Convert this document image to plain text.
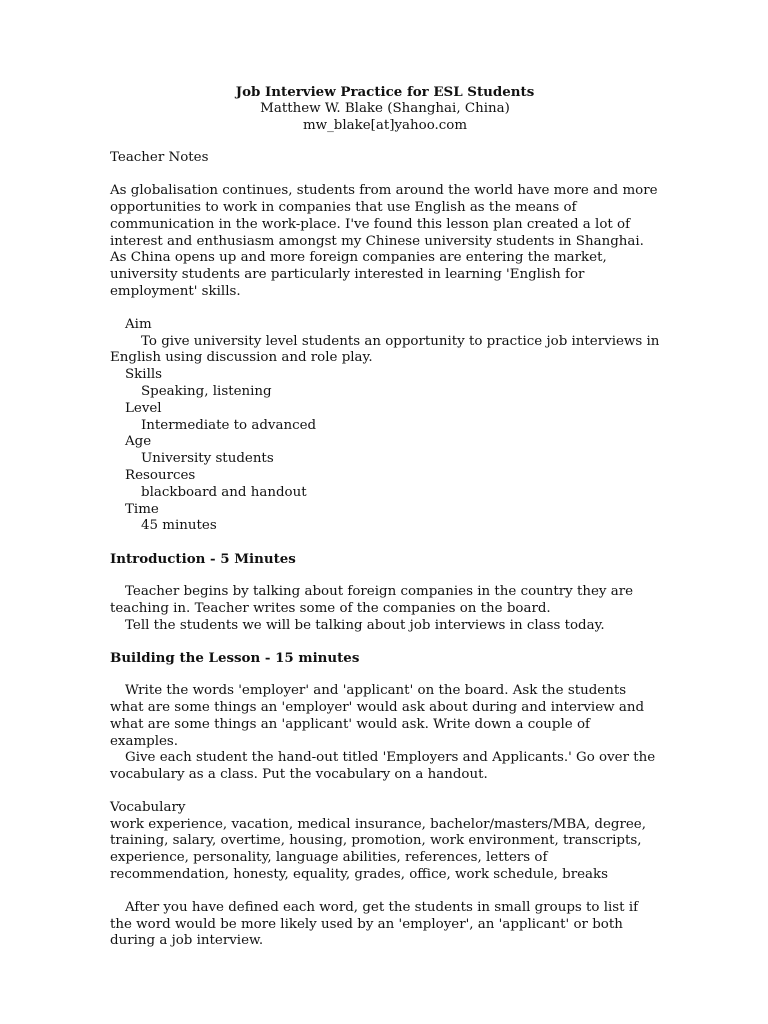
Job Interview Practice for ESL Students
Matthew W. Blake (Shanghai, China)
mw_blake[at]yahoo.com

Teacher Notes

As globalisation continues, students from around the world have more and more opportunities to work in companies that use English as the means of communication in the work-place. I've found this lesson plan created a lot of interest and enthusiasm amongst my Chinese university students in Shanghai. As China opens up and more foreign companies are entering the market, university students are particularly interested in learning 'English for employment' skills.

Aim
To give university level students an opportunity to practice job interviews in English using discussion and role play.
Skills
Speaking, listening
Level
Intermediate to advanced
Age
University students
Resources
blackboard and handout
Time
45 minutes
Introduction - 5 Minutes
Teacher begins by talking about foreign companies in the country they are teaching in. Teacher writes some of the companies on the board.
Tell the students we will be talking about job interviews in class today.
Building the Lesson - 15 minutes
Write the words 'employer' and 'applicant' on the board. Ask the students what are some things an 'employer' would ask about during and interview and what are some things an 'applicant' would ask. Write down a couple of examples.
Give each student the hand-out titled 'Employers and Applicants.' Go over the vocabulary as a class. Put the vocabulary on a handout.
Vocabulary
work experience, vacation, medical insurance, bachelor/masters/MBA, degree, training, salary, overtime, housing, promotion, work environment, transcripts, experience, personality, language abilities, references, letters of recommendation, honesty, equality, grades, office, work schedule, breaks
After you have defined each word, get the students in small groups to list if the word would be more likely used by an 'employer', an 'applicant' or both during a job interview.
